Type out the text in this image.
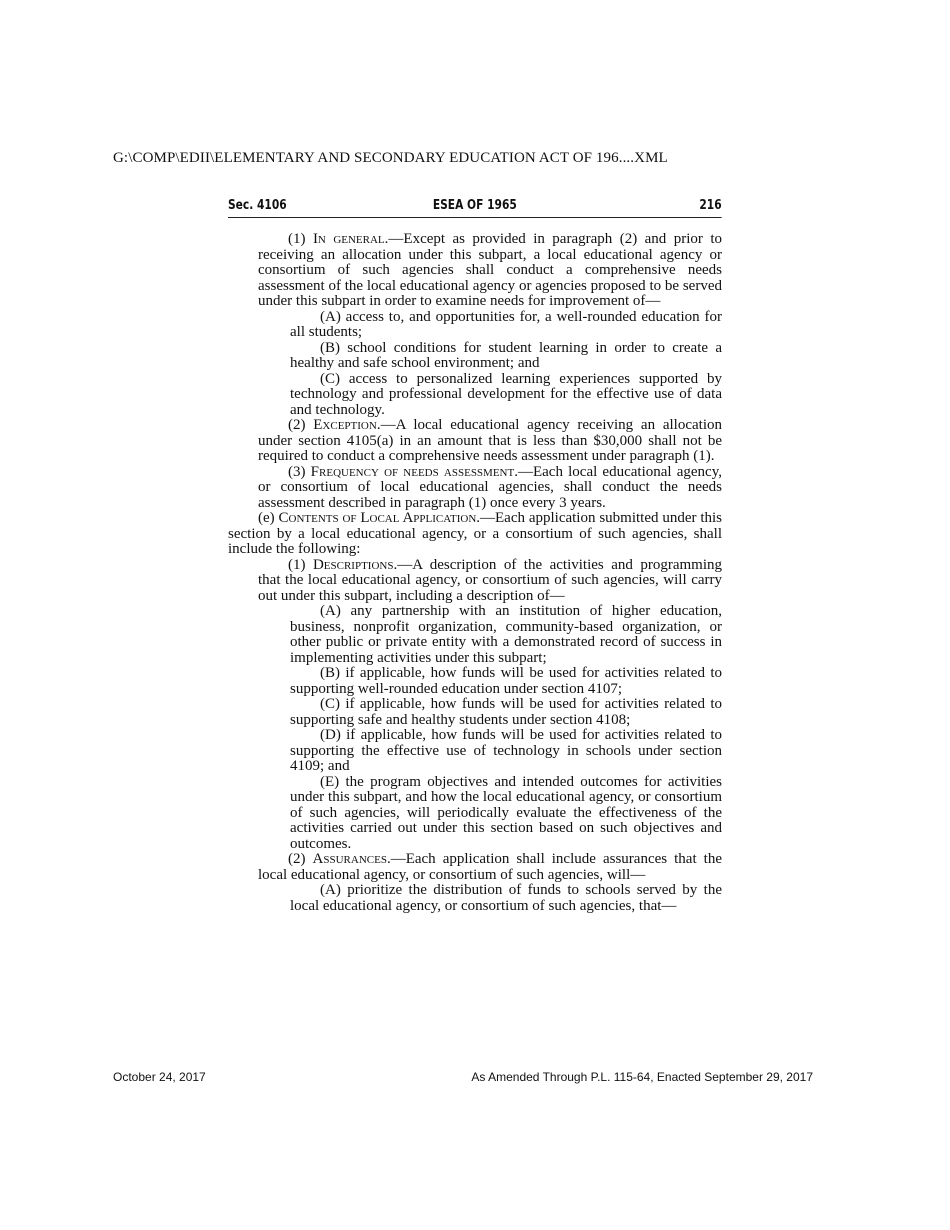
G:\COMP\EDII\ELEMENTARY AND SECONDARY EDUCATION ACT OF 196....XML
Sec. 4106	ESEA OF 1965	216

(1) In general.—Except as provided in paragraph (2) and prior to receiving an allocation under this subpart, a local educational agency or consortium of such agencies shall conduct a comprehensive needs assessment of the local educational agency or agencies proposed to be served under this subpart in order to examine needs for improvement of—

(A) access to, and opportunities for, a well-rounded education for all students;

(B) school conditions for student learning in order to create a healthy and safe school environment; and

(C) access to personalized learning experiences supported by technology and professional development for the effective use of data and technology.

(2) Exception.—A local educational agency receiving an allocation under section 4105(a) in an amount that is less than $30,000 shall not be required to conduct a comprehensive needs assessment under paragraph (1).

(3) Frequency of needs assessment.—Each local educational agency, or consortium of local educational agencies, shall conduct the needs assessment described in paragraph (1) once every 3 years.

(e) Contents of Local Application.—Each application submitted under this section by a local educational agency, or a consortium of such agencies, shall include the following:

(1) Descriptions.—A description of the activities and programming that the local educational agency, or consortium of such agencies, will carry out under this subpart, including a description of—

(A) any partnership with an institution of higher education, business, nonprofit organization, community-based organization, or other public or private entity with a demonstrated record of success in implementing activities under this subpart;

(B) if applicable, how funds will be used for activities related to supporting well-rounded education under section 4107;

(C) if applicable, how funds will be used for activities related to supporting safe and healthy students under section 4108;

(D) if applicable, how funds will be used for activities related to supporting the effective use of technology in schools under section 4109; and

(E) the program objectives and intended outcomes for activities under this subpart, and how the local educational agency, or consortium of such agencies, will periodically evaluate the effectiveness of the activities carried out under this section based on such objectives and outcomes.

(2) Assurances.—Each application shall include assurances that the local educational agency, or consortium of such agencies, will—

(A) prioritize the distribution of funds to schools served by the local educational agency, or consortium of such agencies, that—

October 24, 2017	As Amended Through P.L. 115-64, Enacted September 29, 2017
